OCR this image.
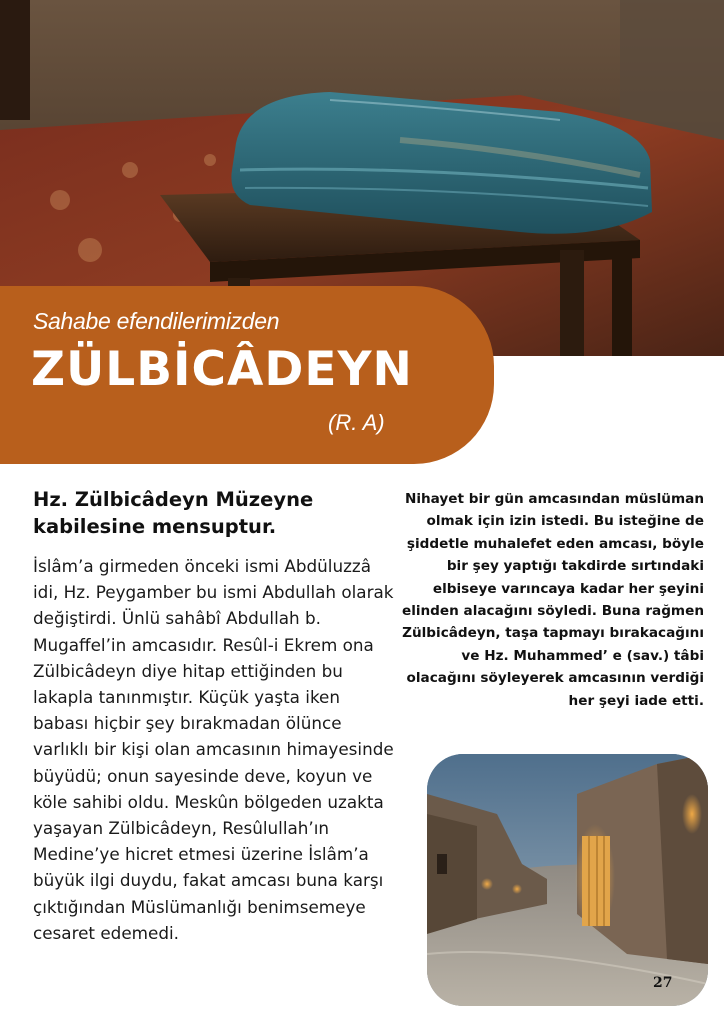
Sahabe efendilerimizden
ZÜLBİCÂDEYN
(R. A)
Hz. Zülbicâdeyn Müzeyne kabilesine mensuptur.
İslâm’a girmeden önceki ismi Abdüluzzâ idi, Hz. Peygamber bu ismi Abdullah olarak değiştirdi. Ünlü sahâbî Abdullah b. Mugaffel’in amcasıdır. Resûl-i Ekrem ona Zülbicâdeyn diye hitap ettiğinden bu lakapla tanınmıştır. Küçük yaşta iken babası hiçbir şey bırakmadan ölünce varlıklı bir kişi olan amcasının himayesinde büyüdü; onun sayesinde deve, koyun ve köle sahibi oldu. Meskûn bölgeden uzakta yaşayan Zülbicâdeyn, Resûlullah’ın Medine’ye hicret etmesi üzerine İslâm’a büyük ilgi duydu, fakat amcası buna karşı çıktığından Müslümanlığı benimsemeye cesaret edemedi.
Nihayet bir gün amcasından müslüman olmak için izin istedi. Bu isteğine de şiddetle muhalefet eden amcası, böyle bir şey yaptığı takdirde sırtındaki elbiseye varıncaya kadar her şeyini elinden alacağını söyledi. Buna rağmen Zülbicâdeyn, taşa tapmayı bırakacağını ve Hz. Muhammed’ e (sav.) tâbi olacağını söyleyerek amcasının verdiği her şeyi iade etti.
27
